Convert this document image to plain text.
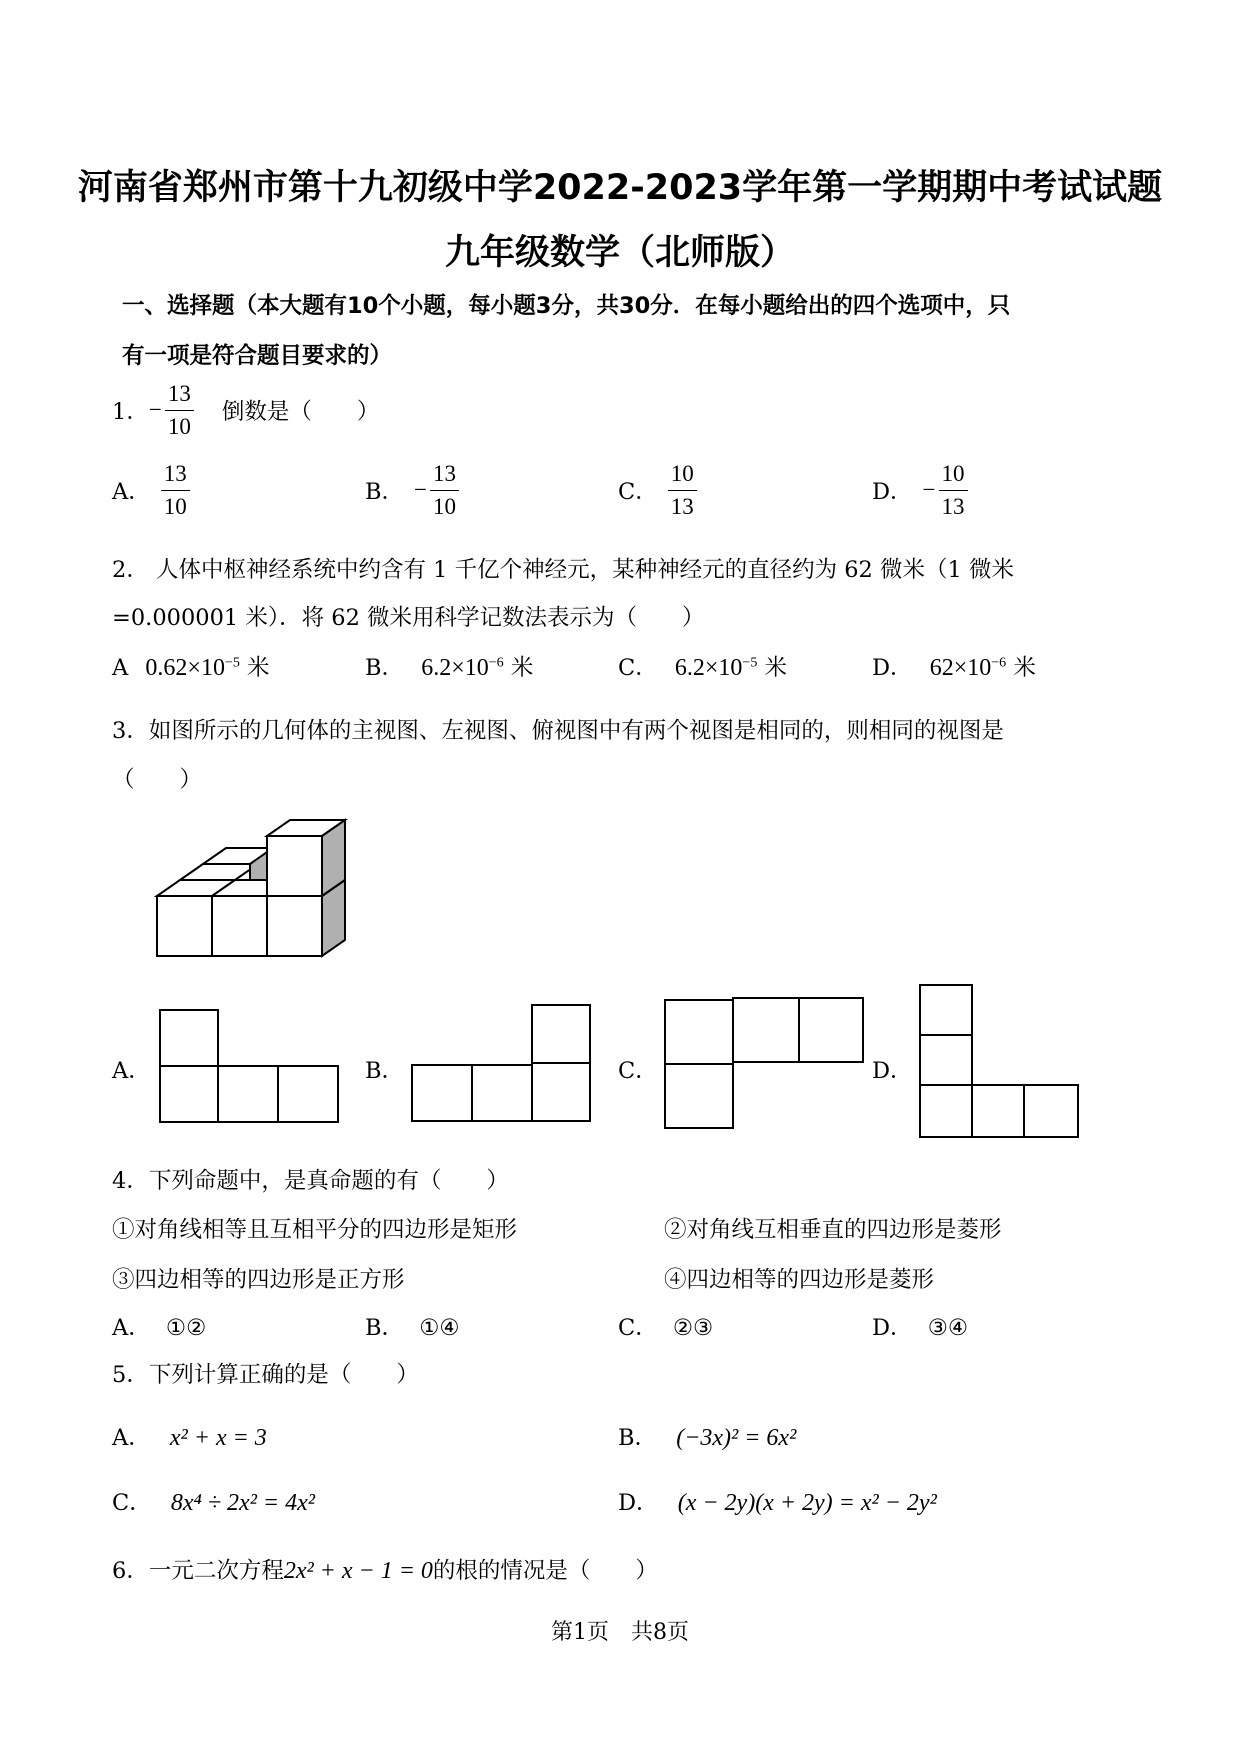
河南省郑州市第十九初级中学2022-2023学年第一学期期中考试试题
九年级数学（北师版）
一、选择题（本大题有10个小题，每小题3分，共30分．在每小题给出的四个选项中，只
有一项是符合题目要求的）
1． − $\frac{13}{10}$ 倒数是（　　）
A． $\frac{13}{10}$	B． − $\frac{13}{10}$	C． $\frac{10}{13}$	D． − $\frac{10}{13}$
2． 人体中枢神经系统中约含有 1 千亿个神经元，某种神经元的直径约为 62 微米（1 微米
=0.000001 米）．将 62 微米用科学记数法表示为（　　）
A $0.62\times 10^{-5}$ 米	B． $6.2\times 10^{-6}$ 米	C． $6.2\times 10^{-5}$ 米	D． $62\times 10^{-6}$ 米
3．如图所示的几何体的主视图、左视图、俯视图中有两个视图是相同的，则相同的视图是
（　　）
A．	B．	C．	D．
4．下列命题中，是真命题的有（　　）
①对角线相等且互相平分的四边形是矩形	②对角线互相垂直的四边形是菱形
③四边相等的四边形是正方形	④四边相等的四边形是菱形
A． ①②	B． ①④	C． ②③	D． ③④
5．下列计算正确的是（　　）
A． x² + x = 3	B． (−3x)² = 6x²
C． 8x⁴ ÷ 2x² = 4x²	D． (x − 2y)(x + 2y) = x² − 2y²
6．一元二次方程2x² + x − 1 = 0的根的情况是（　　）
第1页　共8页
